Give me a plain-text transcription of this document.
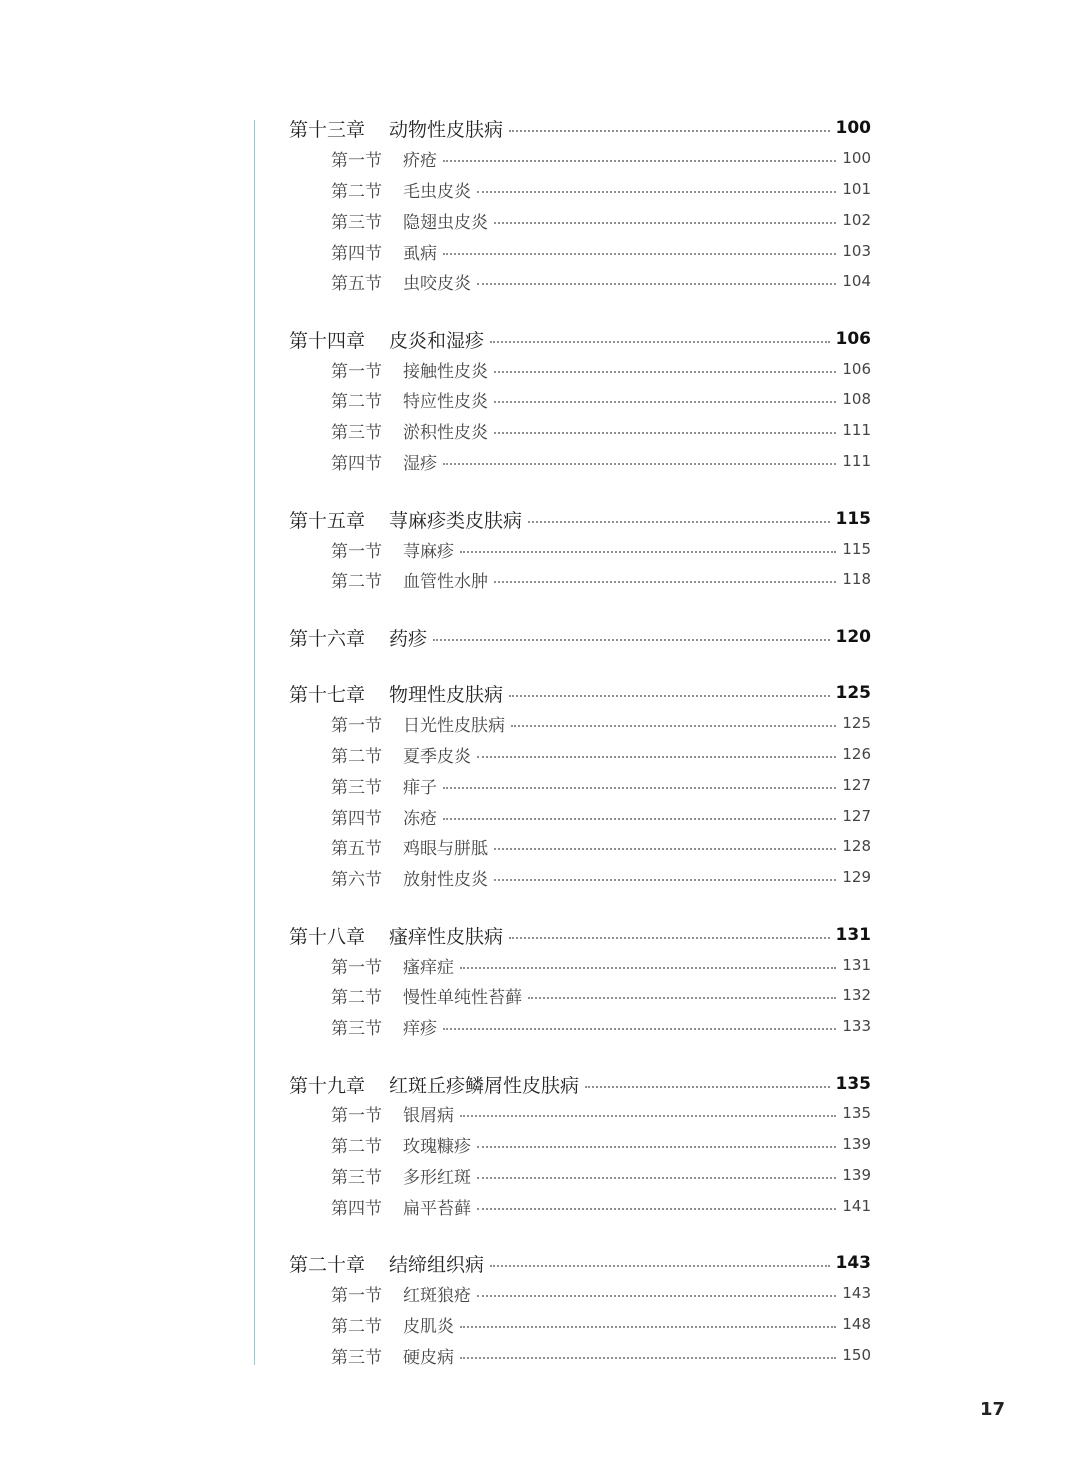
第十三章 动物性皮肤病	100
第一节 疥疮	100
第二节 毛虫皮炎	101
第三节 隐翅虫皮炎	102
第四节 虱病	103
第五节 虫咬皮炎	104
第十四章 皮炎和湿疹	106
第一节 接触性皮炎	106
第二节 特应性皮炎	108
第三节 淤积性皮炎	111
第四节 湿疹	111
第十五章 荨麻疹类皮肤病	115
第一节 荨麻疹	115
第二节 血管性水肿	118
第十六章 药疹	120
第十七章 物理性皮肤病	125
第一节 日光性皮肤病	125
第二节 夏季皮炎	126
第三节 痱子	127
第四节 冻疮	127
第五节 鸡眼与胼胝	128
第六节 放射性皮炎	129
第十八章 瘙痒性皮肤病	131
第一节 瘙痒症	131
第二节 慢性单纯性苔藓	132
第三节 痒疹	133
第十九章 红斑丘疹鳞屑性皮肤病	135
第一节 银屑病	135
第二节 玫瑰糠疹	139
第三节 多形红斑	139
第四节 扁平苔藓	141
第二十章 结缔组织病	143
第一节 红斑狼疮	143
第二节 皮肌炎	148
第三节 硬皮病	150
17
